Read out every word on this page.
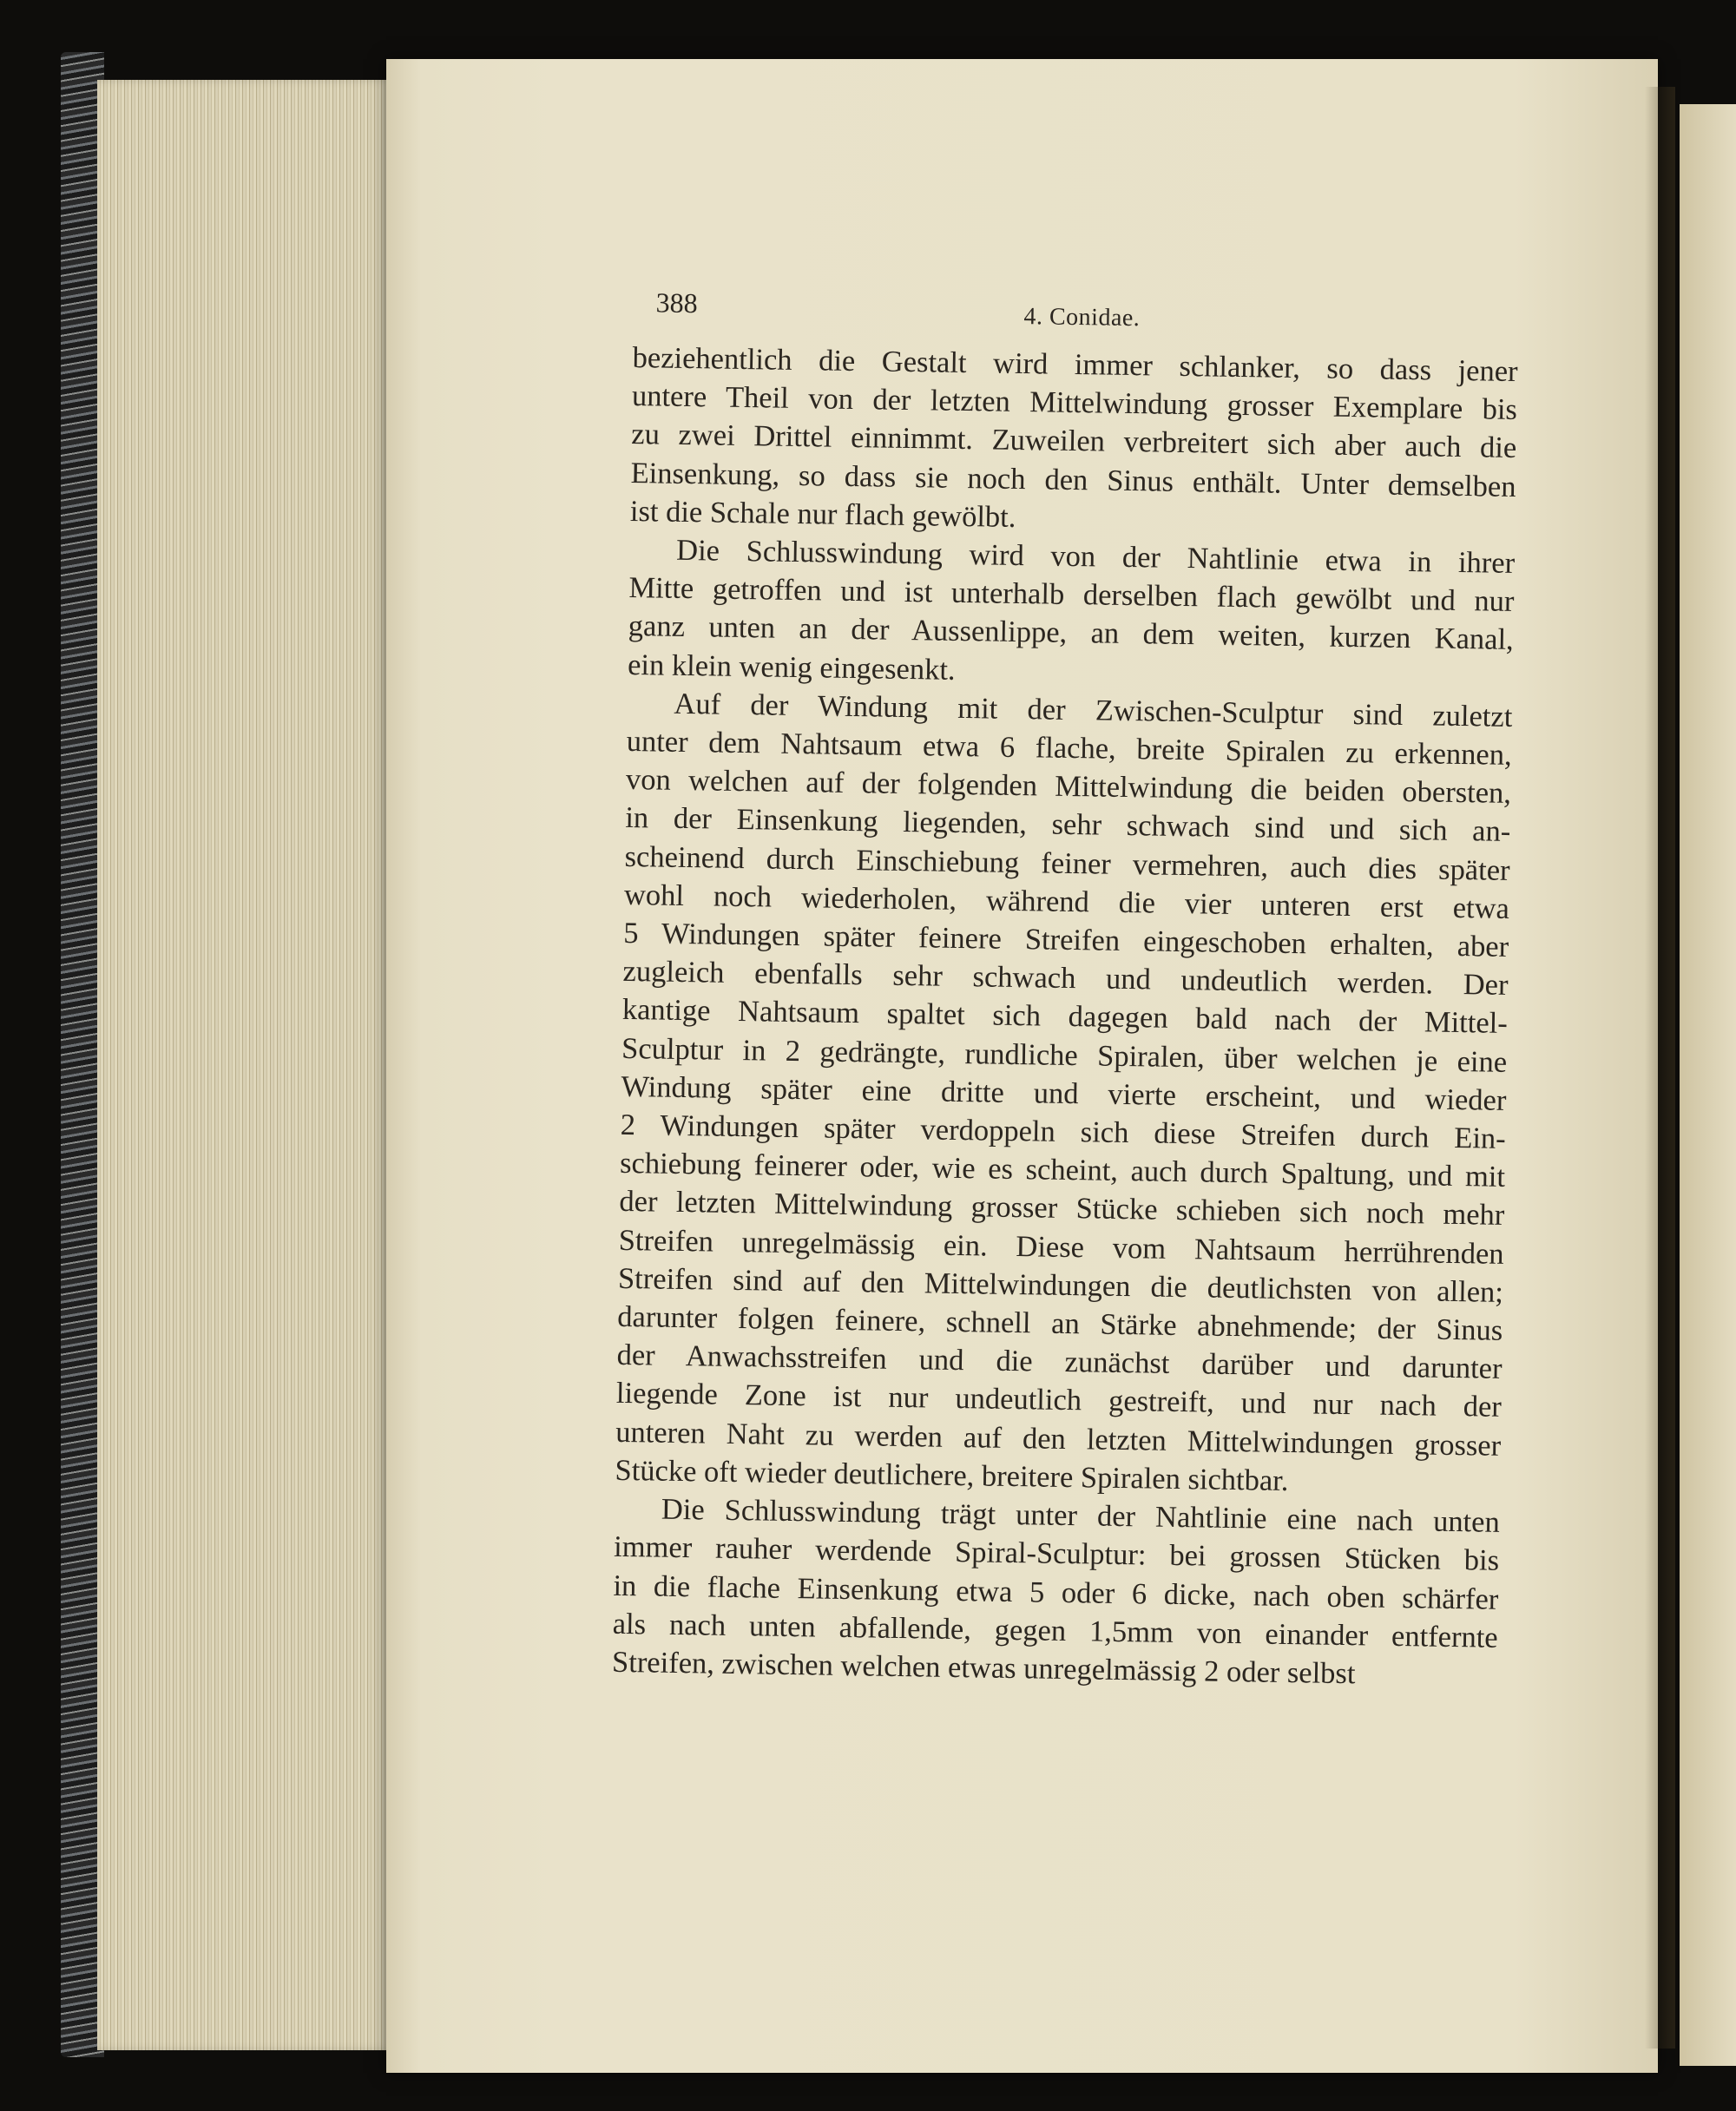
388	4. Conidae.

beziehentlich die Gestalt wird immer schlanker, so dass jener
untere Theil von der letzten Mittelwindung grosser Exemplare bis
zu zwei Drittel einnimmt. Zuweilen verbreitert sich aber auch die
Einsenkung, so dass sie noch den Sinus enthält. Unter demselben
ist die Schale nur flach gewölbt.

Die Schlusswindung wird von der Nahtlinie etwa in ihrer
Mitte getroffen und ist unterhalb derselben flach gewölbt und nur
ganz unten an der Aussenlippe, an dem weiten, kurzen Kanal,
ein klein wenig eingesenkt.

Auf der Windung mit der Zwischen-Sculptur sind zuletzt
unter dem Nahtsaum etwa 6 flache, breite Spiralen zu erkennen,
von welchen auf der folgenden Mittelwindung die beiden obersten,
in der Einsenkung liegenden, sehr schwach sind und sich an-
scheinend durch Einschiebung feiner vermehren, auch dies später
wohl noch wiederholen, während die vier unteren erst etwa
5 Windungen später feinere Streifen eingeschoben erhalten, aber
zugleich ebenfalls sehr schwach und undeutlich werden. Der
kantige Nahtsaum spaltet sich dagegen bald nach der Mittel-
Sculptur in 2 gedrängte, rundliche Spiralen, über welchen je eine
Windung später eine dritte und vierte erscheint, und wieder
2 Windungen später verdoppeln sich diese Streifen durch Ein-
schiebung feinerer oder, wie es scheint, auch durch Spaltung, und mit
der letzten Mittelwindung grosser Stücke schieben sich noch mehr
Streifen unregelmässig ein. Diese vom Nahtsaum herrührenden
Streifen sind auf den Mittelwindungen die deutlichsten von allen;
darunter folgen feinere, schnell an Stärke abnehmende; der Sinus
der Anwachsstreifen und die zunächst darüber und darunter
liegende Zone ist nur undeutlich gestreift, und nur nach der
unteren Naht zu werden auf den letzten Mittelwindungen grosser
Stücke oft wieder deutlichere, breitere Spiralen sichtbar.

Die Schlusswindung trägt unter der Nahtlinie eine nach unten
immer rauher werdende Spiral-Sculptur: bei grossen Stücken bis
in die flache Einsenkung etwa 5 oder 6 dicke, nach oben schärfer
als nach unten abfallende, gegen 1,5mm von einander entfernte
Streifen, zwischen welchen etwas unregelmässig 2 oder selbst
